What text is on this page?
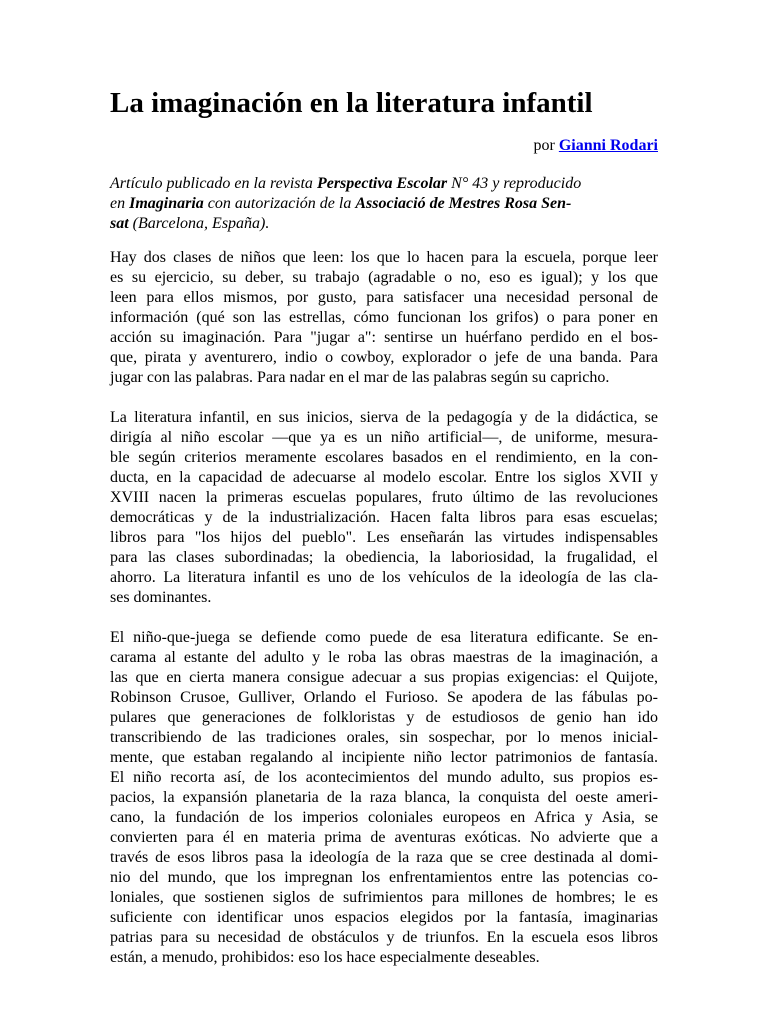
La imaginación en la literatura infantil
por Gianni Rodari

Artículo publicado en la revista Perspectiva Escolar N° 43 y reproducido
en Imaginaria con autorización de la Associació de Mestres Rosa Sen-
sat (Barcelona, España).

Hay dos clases de niños que leen: los que lo hacen para la escuela, porque leer
es su ejercicio, su deber, su trabajo (agradable o no, eso es igual); y los que
leen para ellos mismos, por gusto, para satisfacer una necesidad personal de
información (qué son las estrellas, cómo funcionan los grifos) o para poner en
acción su imaginación. Para "jugar a": sentirse un huérfano perdido en el bos-
que, pirata y aventurero, indio o cowboy, explorador o jefe de una banda. Para
jugar con las palabras. Para nadar en el mar de las palabras según su capricho.

La literatura infantil, en sus inicios, sierva de la pedagogía y de la didáctica, se
dirigía al niño escolar —que ya es un niño artificial—, de uniforme, mesura-
ble según criterios meramente escolares basados en el rendimiento, en la con-
ducta, en la capacidad de adecuarse al modelo escolar. Entre los siglos XVII y
XVIII nacen la primeras escuelas populares, fruto último de las revoluciones
democráticas y de la industrialización. Hacen falta libros para esas escuelas;
libros para "los hijos del pueblo". Les enseñarán las virtudes indispensables
para las clases subordinadas; la obediencia, la laboriosidad, la frugalidad, el
ahorro. La literatura infantil es uno de los vehículos de la ideología de las cla-
ses dominantes.

El niño-que-juega se defiende como puede de esa literatura edificante. Se en-
carama al estante del adulto y le roba las obras maestras de la imaginación, a
las que en cierta manera consigue adecuar a sus propias exigencias: el Quijote,
Robinson Crusoe, Gulliver, Orlando el Furioso. Se apodera de las fábulas po-
pulares que generaciones de folkloristas y de estudiosos de genio han ido
transcribiendo de las tradiciones orales, sin sospechar, por lo menos inicial-
mente, que estaban regalando al incipiente niño lector patrimonios de fantasía.
El niño recorta así, de los acontecimientos del mundo adulto, sus propios es-
pacios, la expansión planetaria de la raza blanca, la conquista del oeste ameri-
cano, la fundación de los imperios coloniales europeos en Africa y Asia, se
convierten para él en materia prima de aventuras exóticas. No advierte que a
través de esos libros pasa la ideología de la raza que se cree destinada al domi-
nio del mundo, que los impregnan los enfrentamientos entre las potencias co-
loniales, que sostienen siglos de sufrimientos para millones de hombres; le es
suficiente con identificar unos espacios elegidos por la fantasía, imaginarias
patrias para su necesidad de obstáculos y de triunfos. En la escuela esos libros
están, a menudo, prohibidos: eso los hace especialmente deseables.
